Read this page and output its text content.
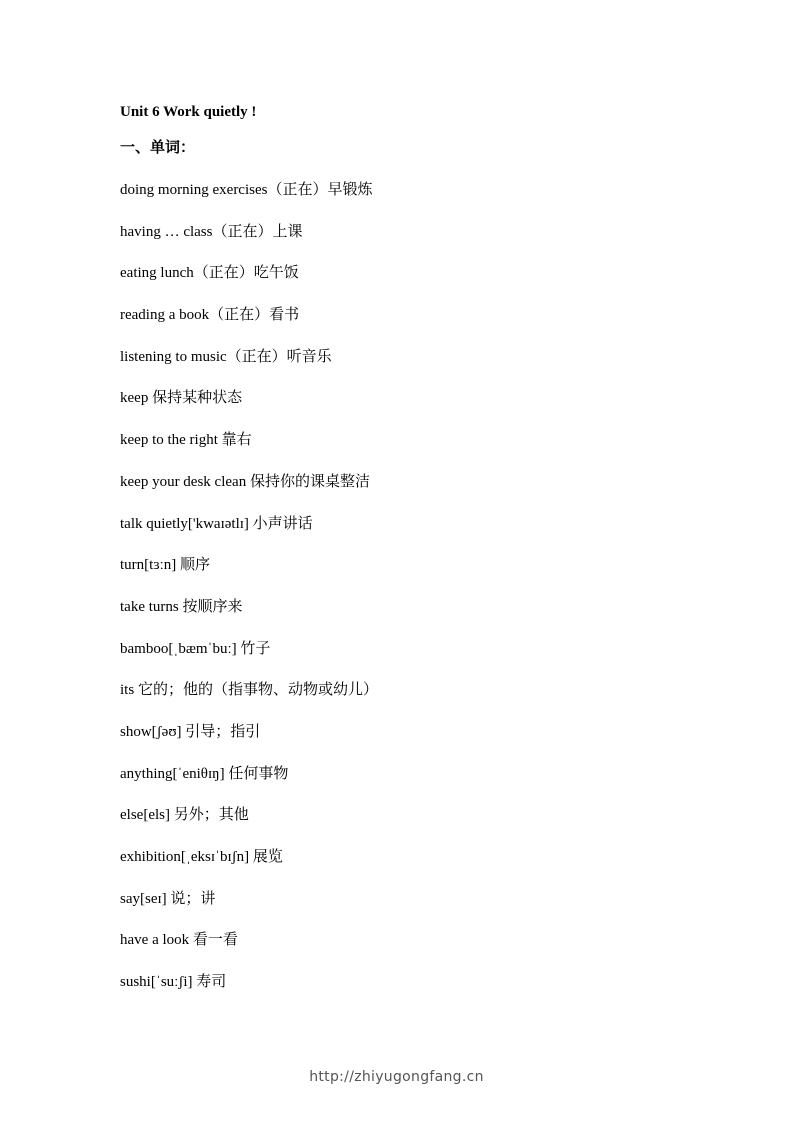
Unit 6 Work quietly !
一、单词：
doing morning exercises（正在）早锻炼
having … class（正在）上课
eating lunch（正在）吃午饭
reading a book（正在）看书
listening to music（正在）听音乐
keep 保持某种状态
keep to the right 靠右
keep your desk clean 保持你的课桌整洁
talk quietly['kwaɪətlɪ] 小声讲话
turn[tɜːn] 顺序
take turns 按顺序来
bamboo[ˌbæmˈbuː] 竹子
its 它的；他的（指事物、动物或幼儿）
show[ʃəʊ] 引导；指引
anything[ˈeniθɪŋ] 任何事物
else[els] 另外；其他
exhibition[ˌeksɪˈbɪʃn] 展览
say[seɪ] 说；讲
have a look 看一看
sushi[ˈsuːʃi] 寿司
http://zhiyugongfang.cn
